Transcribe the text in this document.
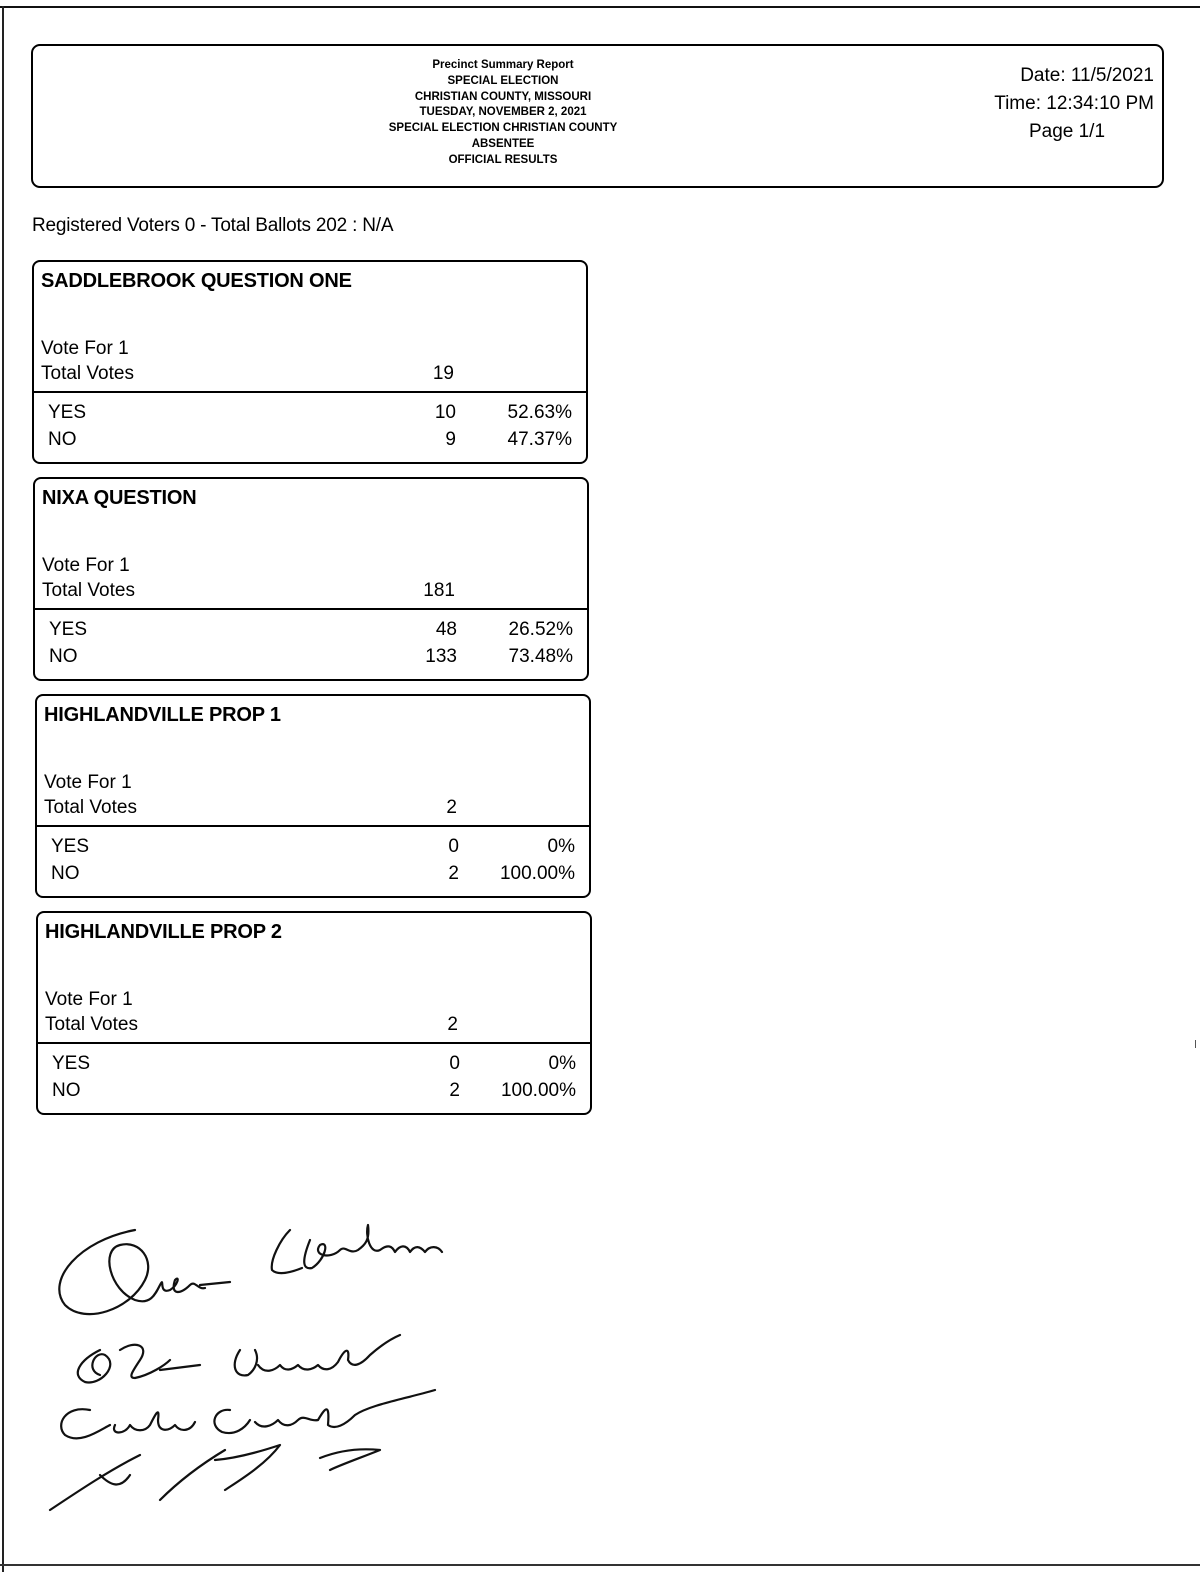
Precinct Summary Report
SPECIAL ELECTION
CHRISTIAN COUNTY, MISSOURI
TUESDAY, NOVEMBER 2, 2021
SPECIAL ELECTION CHRISTIAN COUNTY
ABSENTEE
OFFICIAL RESULTS
Date: 11/5/2021
Time: 12:34:10 PM
Page 1/1
Registered Voters 0 - Total Ballots 202 : N/A
SADDLEBROOK QUESTION ONE
Vote For 1
Total Votes	19
YES	10	52.63%
NO	9	47.37%
NIXA QUESTION
Vote For 1
Total Votes	181
YES	48	26.52%
NO	133	73.48%
HIGHLANDVILLE PROP 1
Vote For 1
Total Votes	2
YES	0	0%
NO	2 100.00%
HIGHLANDVILLE PROP 2
Vote For 1
Total Votes	2
YES	0	0%
NO	2 100.00%
